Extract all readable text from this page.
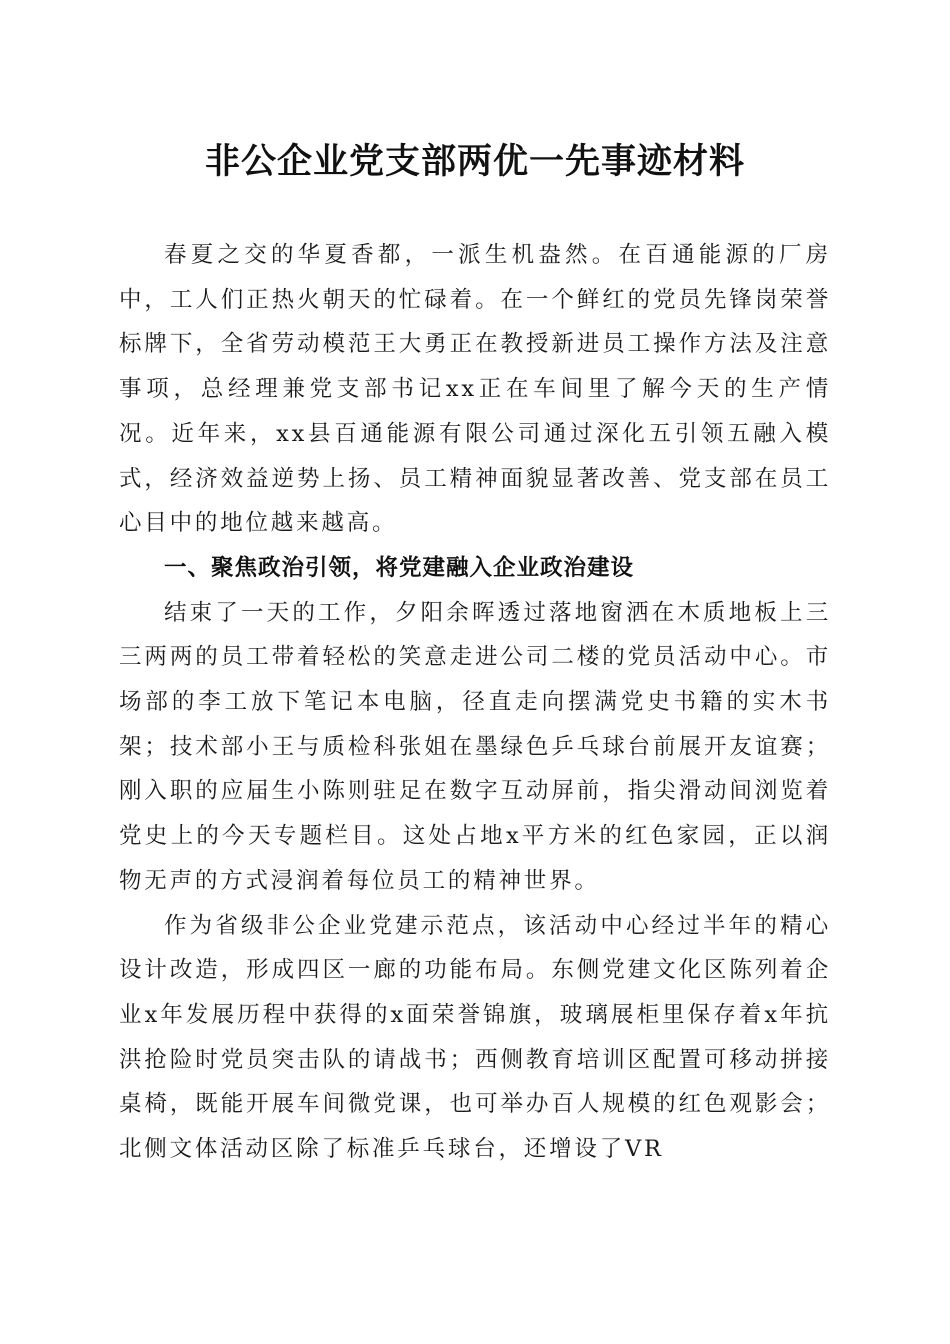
非公企业党支部两优一先事迹材料

春夏之交的华夏香都，一派生机盎然。在百通能源的厂房中，工人们正热火朝天的忙碌着。在一个鲜红的党员先锋岗荣誉标牌下，全省劳动模范王大勇正在教授新进员工操作方法及注意事项，总经理兼党支部书记xx正在车间里了解今天的生产情况。近年来，xx县百通能源有限公司通过深化五引领五融入模式，经济效益逆势上扬、员工精神面貌显著改善、党支部在员工心目中的地位越来越高。

一、聚焦政治引领，将党建融入企业政治建设

结束了一天的工作，夕阳余晖透过落地窗洒在木质地板上三三两两的员工带着轻松的笑意走进公司二楼的党员活动中心。市场部的李工放下笔记本电脑，径直走向摆满党史书籍的实木书架；技术部小王与质检科张姐在墨绿色乒乓球台前展开友谊赛；刚入职的应届生小陈则驻足在数字互动屏前，指尖滑动间浏览着党史上的今天专题栏目。这处占地x平方米的红色家园，正以润物无声的方式浸润着每位员工的精神世界。

作为省级非公企业党建示范点，该活动中心经过半年的精心设计改造，形成四区一廊的功能布局。东侧党建文化区陈列着企业x年发展历程中获得的x面荣誉锦旗，玻璃展柜里保存着x年抗洪抢险时党员突击队的请战书；西侧教育培训区配置可移动拼接桌椅，既能开展车间微党课，也可举办百人规模的红色观影会；北侧文体活动区除了标准乒乓球台，还增设了VR
